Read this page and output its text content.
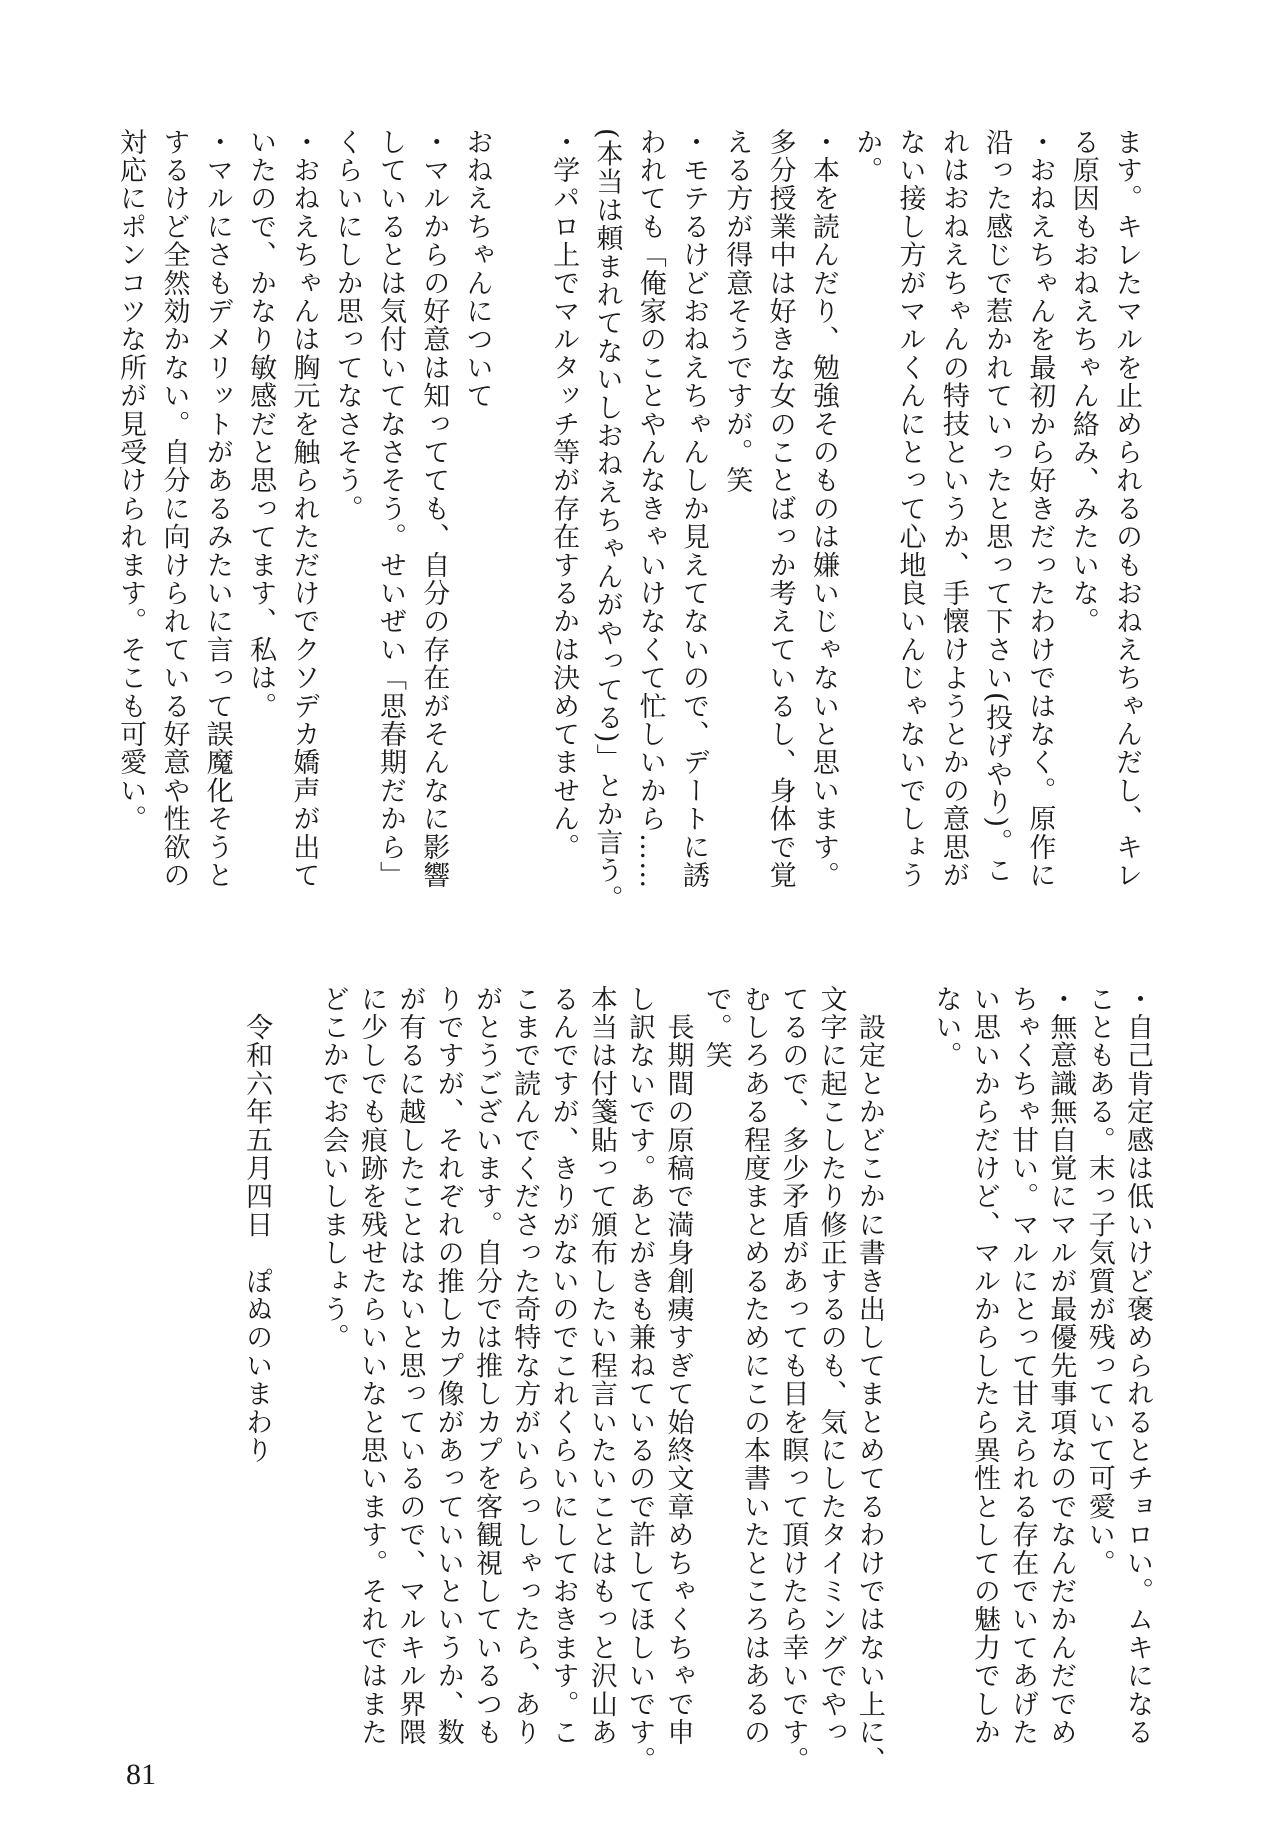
ます。キレたマルを止められるのもおねえちゃんだし、キレ
る原因もおねえちゃん絡み、みたいな。
・おねえちゃんを最初から好きだったわけではなく。原作に
沿った感じで惹かれていったと思って下さい(投げやり)。こ
れはおねえちゃんの特技というか、手懐けようとかの意思が
ない接し方がマルくんにとって心地良いんじゃないでしょう
か。
・本を読んだり、勉強そのものは嫌いじゃないと思います。
多分授業中は好きな女のことばっか考えているし、身体で覚
える方が得意そうですが。笑
・モテるけどおねえちゃんしか見えてないので、デートに誘
われても「俺家のことやんなきゃいけなくて忙しいから……
(本当は頼まれてないしおねえちゃんがやってる)」とか言う。
・学パロ上でマルタッチ等が存在するかは決めてません。

おねえちゃんについて
・マルからの好意は知ってても、自分の存在がそんなに影響
しているとは気付いてなさそう。せいぜい「思春期だから」
くらいにしか思ってなさそう。
・おねえちゃんは胸元を触られただけでクソデカ嬌声が出て
いたので、かなり敏感だと思ってます、私は。
・マルにさもデメリットがあるみたいに言って誤魔化そうと
するけど全然効かない。自分に向けられている好意や性欲の
対応にポンコツな所が見受けられます。そこも可愛い。
・自己肯定感は低いけど褒められるとチョロい。ムキになる
こともある。末っ子気質が残っていて可愛い。
・無意識無自覚にマルが最優先事項なのでなんだかんだでめ
ちゃくちゃ甘い。マルにとって甘えられる存在でいてあげた
い思いからだけど、マルからしたら異性としての魅力でしか
ない。

　設定とかどこかに書き出してまとめてるわけではない上に、
文字に起こしたり修正するのも、気にしたタイミングでやっ
てるので、多少矛盾があっても目を瞑って頂けたら幸いです。
むしろある程度まとめるためにこの本書いたところはあるの
で。笑
　長期間の原稿で満身創痍すぎて始終文章めちゃくちゃで申
し訳ないです。あとがきも兼ねているので許してほしいです。
本当は付箋貼って頒布したい程言いたいことはもっと沢山あ
るんですが、きりがないのでこれくらいにしておきます。こ
こまで読んでくださった奇特な方がいらっしゃったら、あり
がとうございます。自分では推しカプを客観視しているつも
りですが、それぞれの推しカプ像があっていいというか、数
が有るに越したことはないと思っているので、マルキル界隈
に少しでも痕跡を残せたらいいなと思います。それではまた
どこかでお会いしましょう。

　令和六年五月四日　ぽぬのいまわり
81
